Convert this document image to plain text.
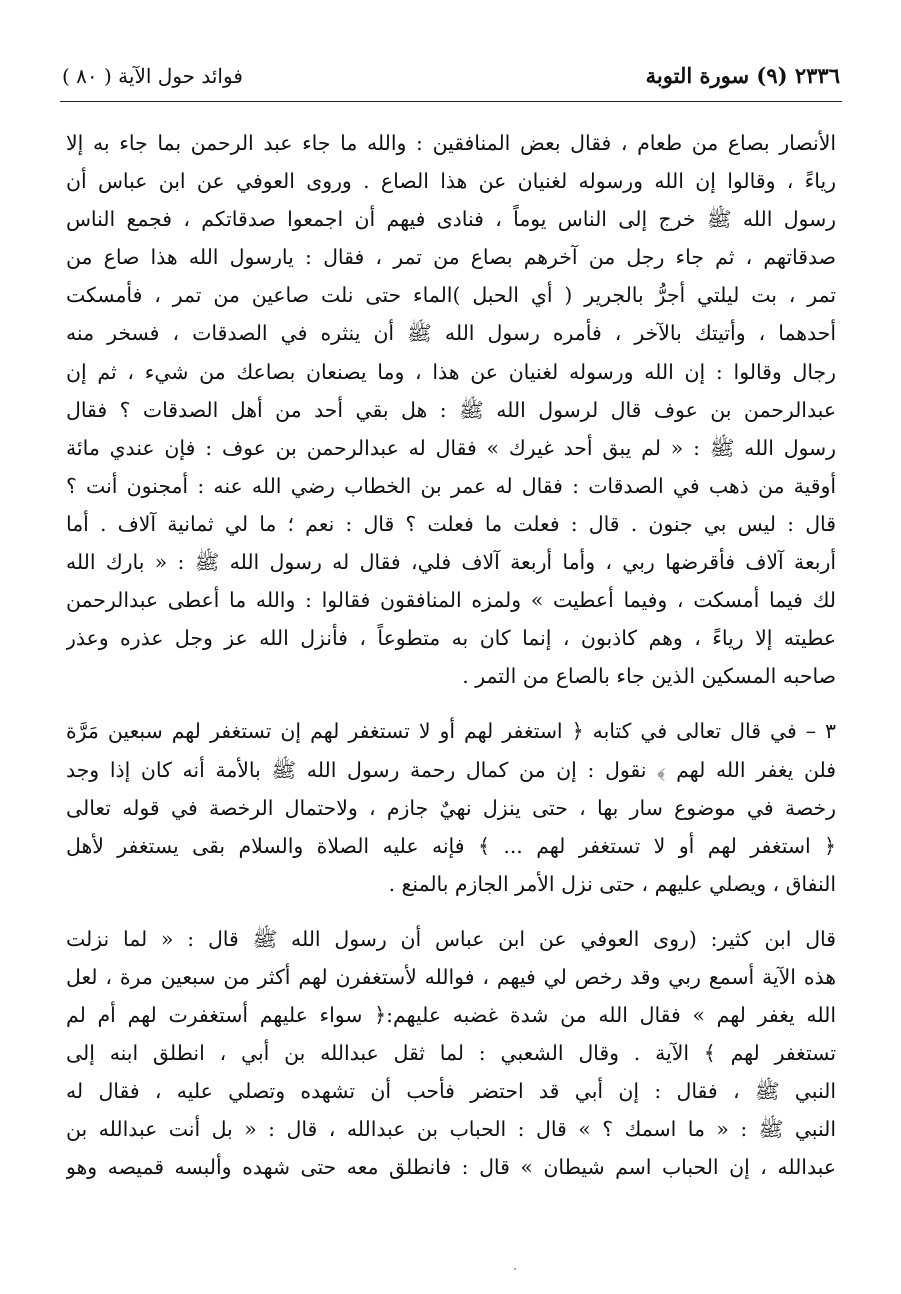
٢٣٣٦ (٩) سورة التوبة
فوائد حول الآية ( ٨٠ )
الأنصار بصاع من طعام ، فقال بعض المنافقين : والله ما جاء عبد الرحمن بما جاء به إلا
رياءً ، وقالوا إن الله ورسوله لغنيان عن هذا الصاع . وروى العوفي عن ابن عباس أن
رسول الله ﷺ خرج إلى الناس يوماً ، فنادى فيهم أن اجمعوا صدقاتكم ، فجمع الناس
صدقاتهم ، ثم جاء رجل من آخرهم بصاع من تمر ، فقال : يارسول الله هذا صاع من
تمر ، بت ليلتي أجرُّ بالجرير ( أي الحبل )الماء حتى نلت صاعين من تمر ، فأمسكت
أحدهما ، وأتيتك بالآخر ، فأمره رسول الله ﷺ أن ينثره في الصدقات ، فسخر منه
رجال وقالوا : إن الله ورسوله لغنيان عن هذا ، وما يصنعان بصاعك من شيء ، ثم إن
عبدالرحمن بن عوف قال لرسول الله ﷺ : هل بقي أحد من أهل الصدقات ؟ فقال
رسول الله ﷺ : « لم يبق أحد غيرك » فقال له عبدالرحمن بن عوف : فإن عندي مائة
أوقية من ذهب في الصدقات : فقال له عمر بن الخطاب رضي الله عنه : أمجنون أنت ؟
قال : ليس بي جنون . قال : فعلت ما فعلت ؟ قال : نعم ؛ ما لي ثمانية آلاف . أما
أربعة آلاف فأقرضها ربي ، وأما أربعة آلاف فلي، فقال له رسول الله ﷺ : « بارك الله
لك فيما أمسكت ، وفيما أعطيت » ولمزه المنافقون فقالوا : والله ما أعطى عبدالرحمن
عطيته إلا رياءً ، وهم كاذبون ، إنما كان به متطوعاً ، فأنزل الله عز وجل عذره وعذر
صاحبه المسكين الذين جاء بالصاع من التمر .
٣ – في قال تعالى في كتابه ﴿ استغفر لهم أو لا تستغفر لهم إن تستغفر لهم سبعين مَرَّة
فلن يغفر الله لهم ﴾ نقول : إن من كمال رحمة رسول الله ﷺ بالأمة أنه كان إذا وجد
رخصة في موضوع سار بها ، حتى ينزل نهيٌ جازم ، ولاحتمال الرخصة في قوله تعالى
﴿ استغفر لهم أو لا تستغفر لهم ... ﴾ فإنه عليه الصلاة والسلام بقى يستغفر لأهل
النفاق ، ويصلي عليهم ، حتى نزل الأمر الجازم بالمنع .
قال ابن كثير: (روى العوفي عن ابن عباس أن رسول الله ﷺ قال : « لما نزلت
هذه الآية أسمع ربي وقد رخص لي فيهم ، فوالله لأستغفرن لهم أكثر من سبعين مرة ، لعل
الله يغفر لهم » فقال الله من شدة غضبه عليهم:﴿ سواء عليهم أستغفرت لهم أم لم
تستغفر لهم ﴾ الآية . وقال الشعبي : لما ثقل عبدالله بن أبي ، انطلق ابنه إلى
النبي ﷺ ، فقال : إن أبي قد احتضر فأحب أن تشهده وتصلي عليه ، فقال له
النبي ﷺ : « ما اسمك ؟ » قال : الحباب بن عبدالله ، قال : « بل أنت عبدالله بن
عبدالله ، إن الحباب اسم شيطان » قال : فانطلق معه حتى شهده وألبسه قميصه وهو
